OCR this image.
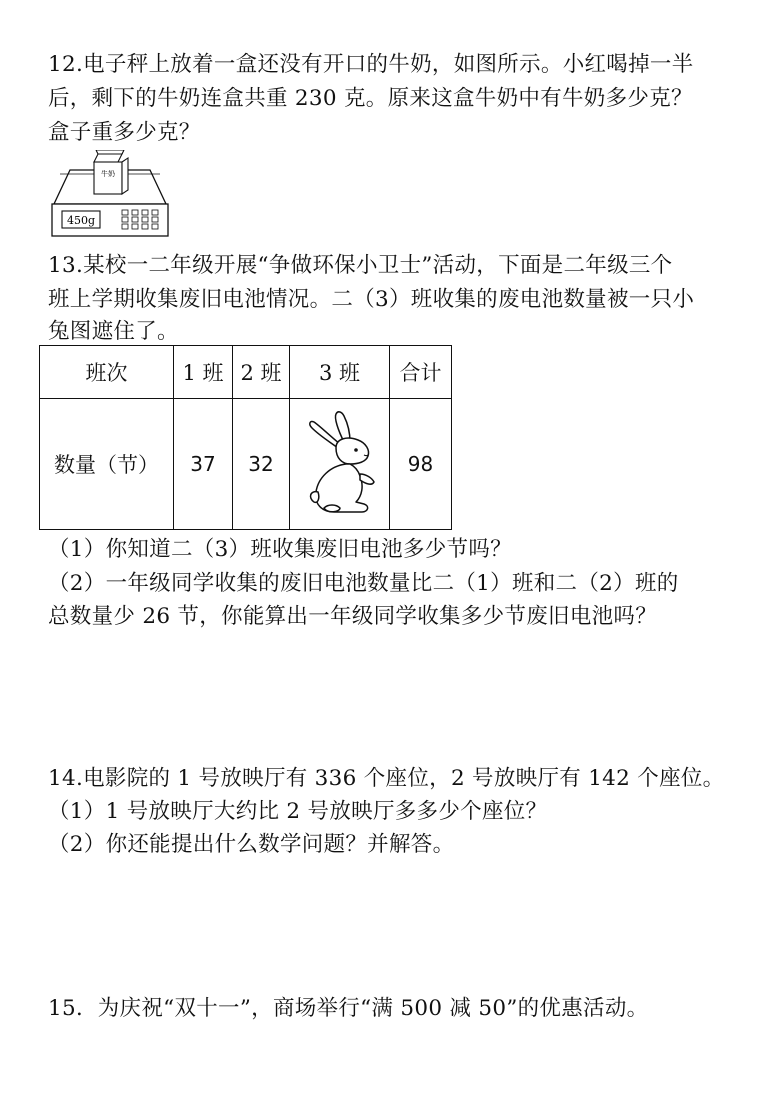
12.电子秤上放着一盒还没有开口的牛奶，如图所示。小红喝掉一半
后，剩下的牛奶连盒共重 230 克。原来这盒牛奶中有牛奶多少克？
盒子重多少克？
450g
牛奶
13.某校一二年级开展“争做环保小卫士”活动，下面是二年级三个
班上学期收集废旧电池情况。二（3）班收集的废电池数量被一只小
兔图遮住了。
班次	1 班	2 班	3 班	合计
数量（节）	37	32		98
（1）你知道二（3）班收集废旧电池多少节吗？
（2）一年级同学收集的废旧电池数量比二（1）班和二（2）班的
总数量少 26 节，你能算出一年级同学收集多少节废旧电池吗？
14.电影院的 1 号放映厅有 336 个座位，2 号放映厅有 142 个座位。
（1）1 号放映厅大约比 2 号放映厅多多少个座位？
（2）你还能提出什么数学问题？并解答。
15．为庆祝“双十一”，商场举行“满 500 减 50”的优惠活动。
